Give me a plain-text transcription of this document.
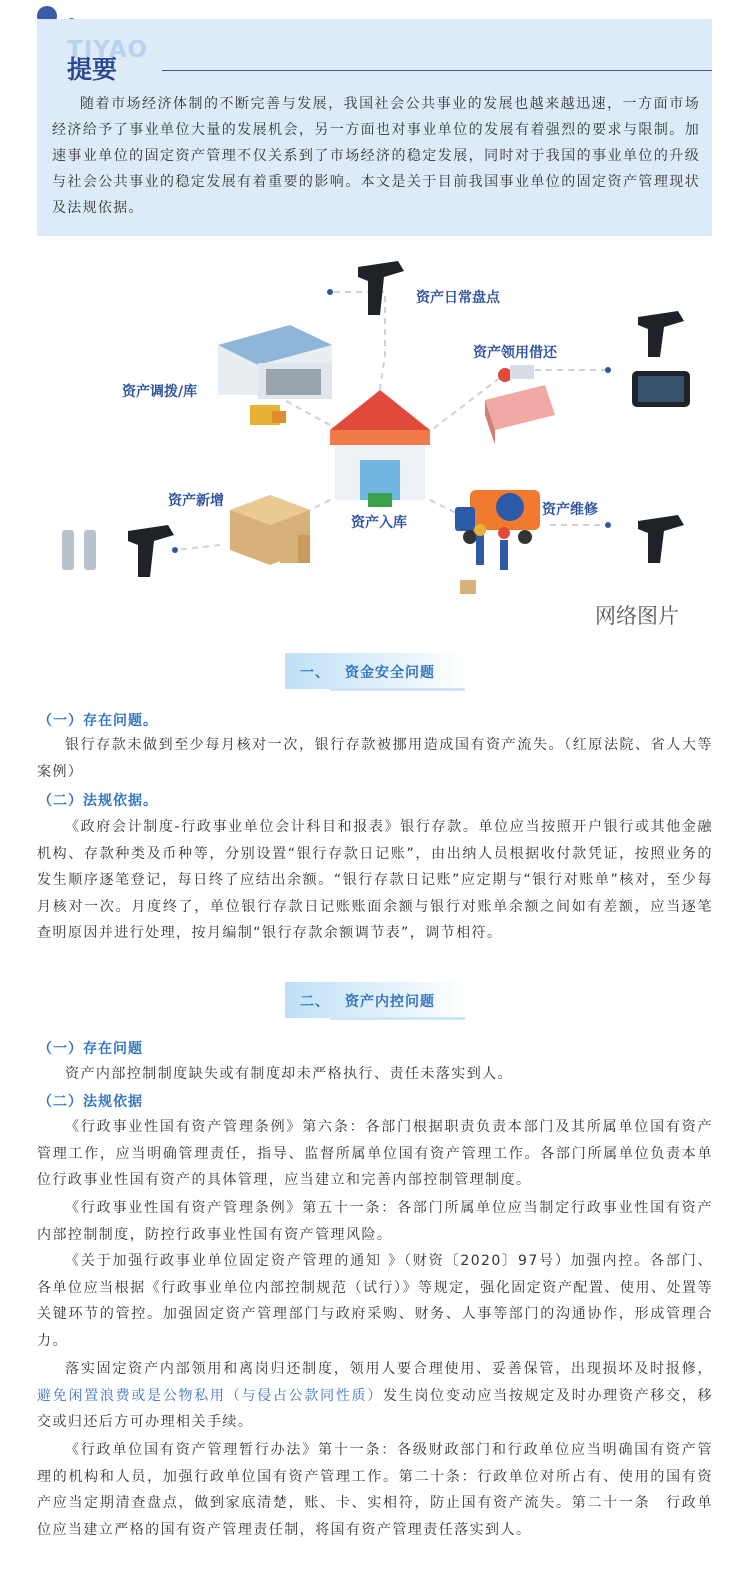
TIYAO
提要

随着市场经济体制的不断完善与发展，我国社会公共事业的发展也越来越迅速，一方面市场经济给予了事业单位大量的发展机会，另一方面也对事业单位的发展有着强烈的要求与限制。加速事业单位的固定资产管理不仅关系到了市场经济的稳定发展，同时对于我国的事业单位的升级与社会公共事业的稳定发展有着重要的影响。本文是关于目前我国事业单位的固定资产管理现状及法规依据。

资产日常盘点
资产领用借还
资产调拨/库
资产新增
资产入库
资产维修
网络图片
一、 资金安全问题

（一）存在问题。

银行存款未做到至少每月核对一次，银行存款被挪用造成国有资产流失。（红原法院、省人大等案例）

（二）法规依据。

《政府会计制度-行政事业单位会计科目和报表》银行存款。单位应当按照开户银行或其他金融机构、存款种类及币种等，分别设置“银行存款日记账”，由出纳人员根据收付款凭证，按照业务的发生顺序逐笔登记，每日终了应结出余额。“银行存款日记账”应定期与“银行对账单”核对，至少每月核对一次。月度终了，单位银行存款日记账账面余额与银行对账单余额之间如有差额，应当逐笔查明原因并进行处理，按月编制“银行存款余额调节表”，调节相符。

二、 资产内控问题

（一）存在问题

资产内部控制制度缺失或有制度却未严格执行、责任未落实到人。

（二）法规依据

《行政事业性国有资产管理条例》第六条：各部门根据职责负责本部门及其所属单位国有资产管理工作，应当明确管理责任，指导、监督所属单位国有资产管理工作。各部门所属单位负责本单位行政事业性国有资产的具体管理，应当建立和完善内部控制管理制度。

《行政事业性国有资产管理条例》第五十一条：各部门所属单位应当制定行政事业性国有资产内部控制制度，防控行政事业性国有资产管理风险。

《关于加强行政事业单位固定资产管理的通知 》（财资〔2020〕97号）加强内控。各部门、各单位应当根据《行政事业单位内部控制规范（试行）》等规定，强化固定资产配置、使用、处置等关键环节的管控。加强固定资产管理部门与政府采购、财务、人事等部门的沟通协作，形成管理合力。

落实固定资产内部领用和离岗归还制度，领用人要合理使用、妥善保管，出现损坏及时报修，避免闲置浪费或是公物私用（与侵占公款同性质）发生岗位变动应当按规定及时办理资产移交，移交或归还后方可办理相关手续。

《行政单位国有资产管理暂行办法》第十一条：各级财政部门和行政单位应当明确国有资产管理的机构和人员，加强行政单位国有资产管理工作。第二十条：行政单位对所占有、使用的国有资产应当定期清查盘点，做到家底清楚，账、卡、实相符，防止国有资产流失。第二十一条　行政单位应当建立严格的国有资产管理责任制，将国有资产管理责任落实到人。
